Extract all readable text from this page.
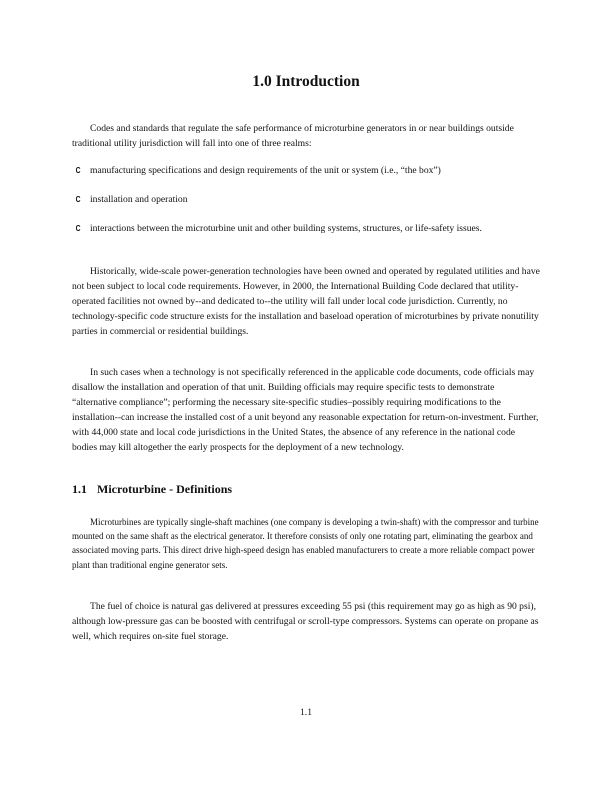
1.0 Introduction

Codes and standards that regulate the safe performance of microturbine generators in or near buildings outside traditional utility jurisdiction will fall into one of three realms:

C manufacturing specifications and design requirements of the unit or system (i.e., “the box”)
C installation and operation
C interactions between the microturbine unit and other building systems, structures, or life-safety issues.

Historically, wide-scale power-generation technologies have been owned and operated by regulated utilities and have not been subject to local code requirements. However, in 2000, the International Building Code declared that utility-operated facilities not owned by--and dedicated to--the utility will fall under local code jurisdiction. Currently, no technology-specific code structure exists for the installation and baseload operation of microturbines by private nonutility parties in commercial or residential buildings.

In such cases when a technology is not specifically referenced in the applicable code documents, code officials may disallow the installation and operation of that unit. Building officials may require specific tests to demonstrate “alternative compliance”; performing the necessary site-specific studies–possibly requiring modifications to the installation--can increase the installed cost of a unit beyond any reasonable expectation for return-on-investment. Further, with 44,000 state and local code jurisdictions in the United States, the absence of any reference in the national code bodies may kill altogether the early prospects for the deployment of a new technology.

1.1 Microturbine - Definitions

Microturbines are typically single-shaft machines (one company is developing a twin-shaft) with the compressor and turbine mounted on the same shaft as the electrical generator. It therefore consists of only one rotating part, eliminating the gearbox and associated moving parts. This direct drive high-speed design has enabled manufacturers to create a more reliable compact power plant than traditional engine generator sets.

The fuel of choice is natural gas delivered at pressures exceeding 55 psi (this requirement may go as high as 90 psi), although low-pressure gas can be boosted with centrifugal or scroll-type compressors. Systems can operate on propane as well, which requires on-site fuel storage.

1.1
